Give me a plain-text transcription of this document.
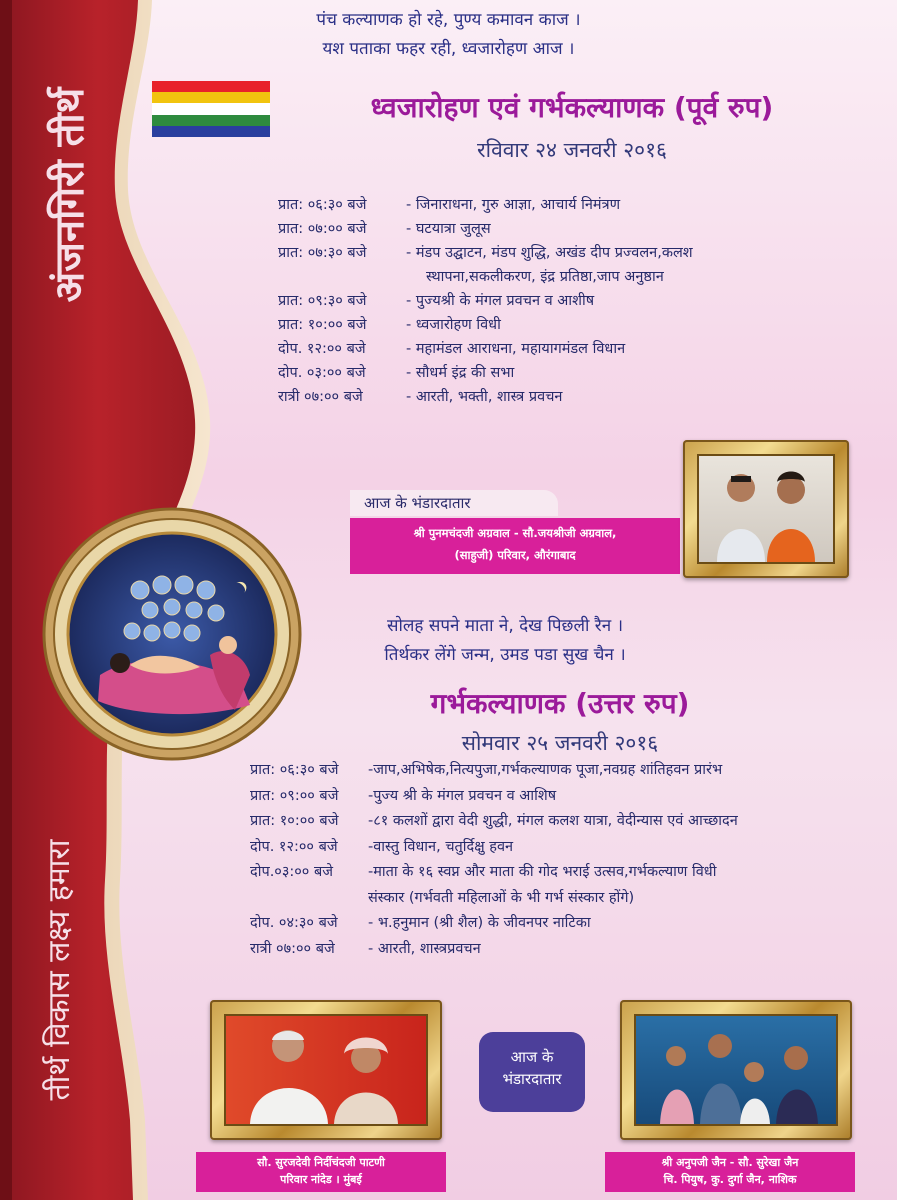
अंजनगिरी तीर्थ
तीर्थ विकास लक्ष्य हमारा
पंच कल्याणक हो रहे, पुण्य कमावन काज ।
यश पताका फहर रही, ध्वजारोहण आज ।
ध्वजारोहण एवं गर्भकल्याणक (पूर्व रुप)
रविवार २४ जनवरी २०१६
प्रात: ०६:३० बजे	- जिनाराधना, गुरु आज्ञा, आचार्य निमंत्रण
प्रात: ०७:०० बजे	- घटयात्रा जुलूस
प्रात: ०७:३० बजे	- मंडप उद्घाटन, मंडप शुद्धि, अखंड दीप प्रज्वलन,कलश
स्थापना,सकलीकरण, इंद्र प्रतिष्ठा,जाप अनुष्ठान
प्रात: ०९:३० बजे	- पुज्यश्री के मंगल प्रवचन व आशीष
प्रात: १०:०० बजे	- ध्वजारोहण विधी
दोप. १२:०० बजे	- महामंडल आराधना, महायागमंडल विधान
दोप. ०३:०० बजे	- सौधर्म इंद्र की सभा
रात्री ०७:०० बजे	- आरती, भक्ती, शास्त्र प्रवचन
आज के भंडारदातार
श्री पुनमचंदजी अग्रवाल - सौ.जयश्रीजी अग्रवाल,
(साहुजी) परिवार, औरंगाबाद
सोलह सपने माता ने, देख पिछली रैन ।
तिर्थकर लेंगे जन्म, उमड पडा सुख चैन ।
गर्भकल्याणक (उत्तर रुप)
सोमवार २५ जनवरी २०१६
प्रात: ०६:३० बजे	-जाप,अभिषेक,नित्यपुजा,गर्भकल्याणक पूजा,नवग्रह शांतिहवन प्रारंभ
प्रात: ०९:०० बजे	-पुज्य श्री के मंगल प्रवचन व आशिष
प्रात: १०:०० बजे	-८१ कलशों द्वारा वेदी शुद्धी, मंगल कलश यात्रा, वेदीन्यास एवं आच्छादन
दोप. १२:०० बजे	-वास्तु विधान, चतुर्दिक्षु हवन
दोप.०३:०० बजे	-माता के १६ स्वप्न और माता की गोद भराई उत्सव,गर्भकल्याण विधी
संस्कार (गर्भवती महिलाओं के भी गर्भ संस्कार होंगे)
दोप. ०४:३० बजे	- भ.हनुमान (श्री शैल) के जीवनपर नाटिका
रात्री ०७:०० बजे	- आरती, शास्त्रप्रवचन
आज के
भंडारदातार
सौ. सुरजदेवी निर्दीचंदजी पाटणी
परिवार नांदेड । मुंबई
श्री अनुपजी जैन - सौ. सुरेखा जैन
चि. पियुष, कु. दुर्गा जैन, नाशिक
